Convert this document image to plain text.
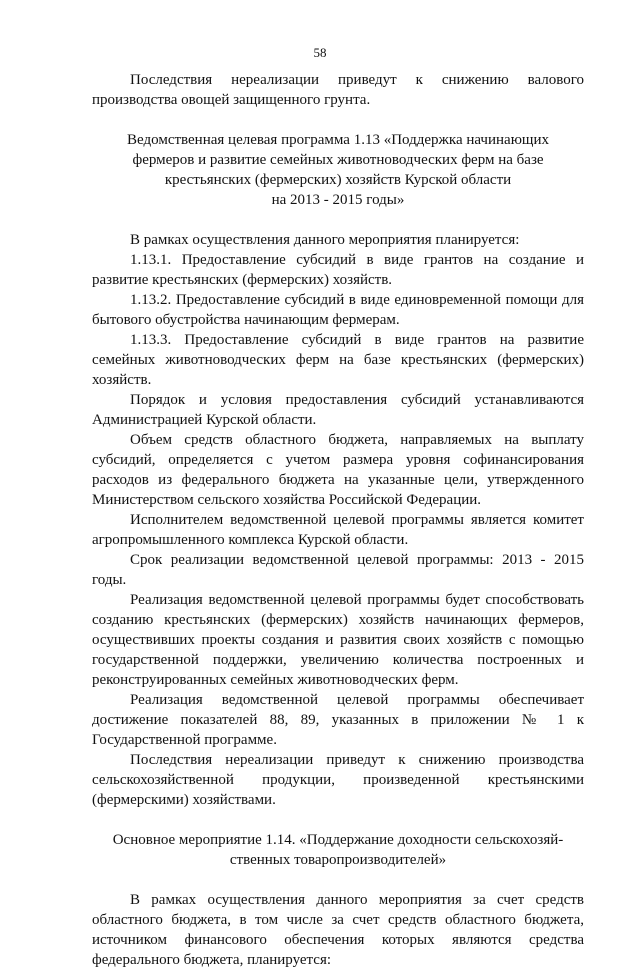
58

Последствия нереализации приведут к снижению валового производства овощей защищенного грунта.

Ведомственная целевая программа 1.13 «Поддержка начинающих
фермеров и развитие семейных животноводческих ферм на базе
крестьянских (фермерских) хозяйств Курской области
на 2013 - 2015 годы»

В рамках осуществления данного мероприятия планируется:

1.13.1. Предоставление субсидий в виде грантов на создание и развитие крестьянских (фермерских) хозяйств.

1.13.2. Предоставление субсидий в виде единовременной помощи для бытового обустройства начинающим фермерам.

1.13.3. Предоставление субсидий в виде грантов на развитие семейных животноводческих ферм на базе крестьянских (фермерских) хозяйств.

Порядок и условия предоставления субсидий устанавливаются Администрацией Курской области.

Объем средств областного бюджета, направляемых на выплату субсидий, определяется с учетом размера уровня софинансирования расходов из федерального бюджета на указанные цели, утвержденного Министерством сельского хозяйства Российской Федерации.

Исполнителем ведомственной целевой программы является комитет агропромышленного комплекса Курской области.

Срок реализации ведомственной целевой программы: 2013 - 2015 годы.

Реализация ведомственной целевой программы будет способствовать созданию крестьянских (фермерских) хозяйств начинающих фермеров, осуществивших проекты создания и развития своих хозяйств с помощью государственной поддержки, увеличению количества построенных и реконструированных семейных животноводческих ферм.

Реализация ведомственной целевой программы обеспечивает достижение показателей 88, 89, указанных в приложении № 1 к Государственной программе.

Последствия нереализации приведут к снижению производства сельскохозяйственной продукции, произведенной крестьянскими (фермерскими) хозяйствами.

Основное мероприятие 1.14. «Поддержание доходности сельскохозяй-
ственных товаропроизводителей»

В рамках осуществления данного мероприятия за счет средств областного бюджета, в том числе за счет средств областного бюджета, источником финансового обеспечения которых являются средства федерального бюджета, планируется:
